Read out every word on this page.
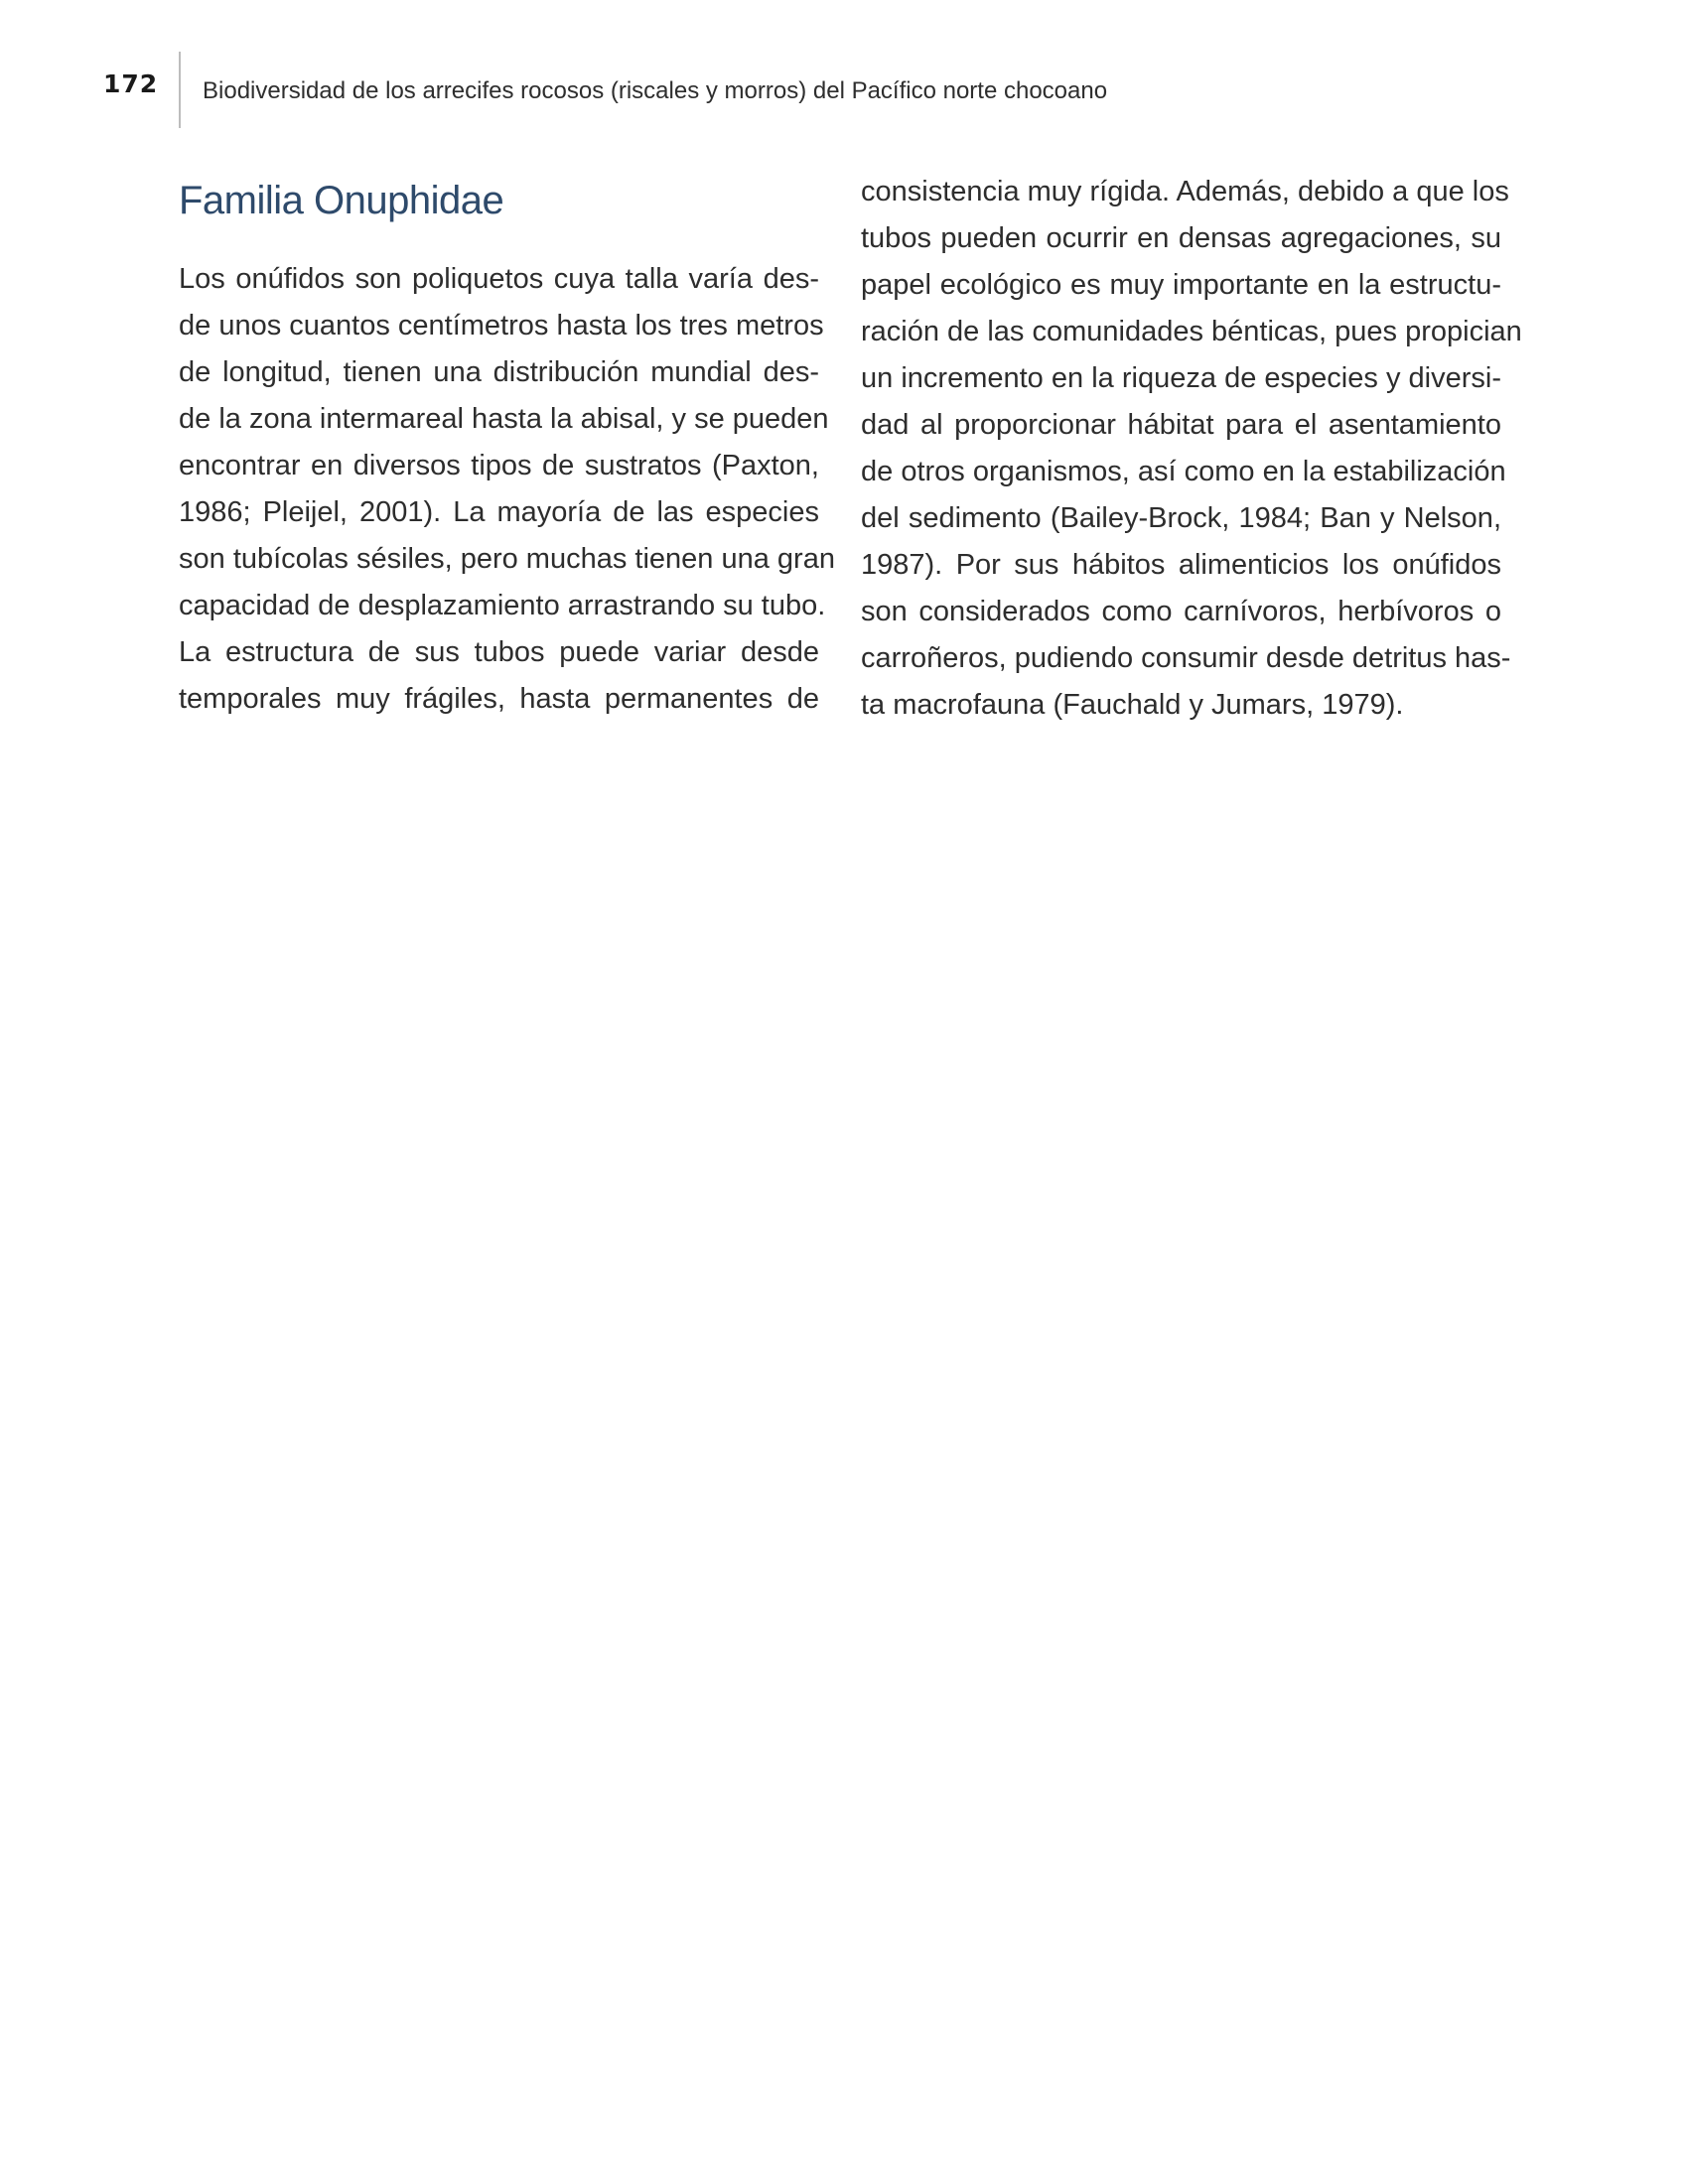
172 Biodiversidad de los arrecifes rocosos (riscales y morros) del Pacífico norte chocoano
Familia Onuphidae
Los onúfidos son poliquetos cuya talla varía des-
de unos cuantos centímetros hasta los tres metros
de longitud, tienen una distribución mundial des-
de la zona intermareal hasta la abisal, y se pueden
encontrar en diversos tipos de sustratos (Paxton,
1986; Pleijel, 2001). La mayoría de las especies
son tubícolas sésiles, pero muchas tienen una gran
capacidad de desplazamiento arrastrando su tubo.
La estructura de sus tubos puede variar desde
temporales muy frágiles, hasta permanentes de
consistencia muy rígida. Además, debido a que los
tubos pueden ocurrir en densas agregaciones, su
papel ecológico es muy importante en la estructu-
ración de las comunidades bénticas, pues propician
un incremento en la riqueza de especies y diversi-
dad al proporcionar hábitat para el asentamiento
de otros organismos, así como en la estabilización
del sedimento (Bailey-Brock, 1984; Ban y Nelson,
1987). Por sus hábitos alimenticios los onúfidos
son considerados como carnívoros, herbívoros o
carroñeros, pudiendo consumir desde detritus has-
ta macrofauna (Fauchald y Jumars, 1979).
